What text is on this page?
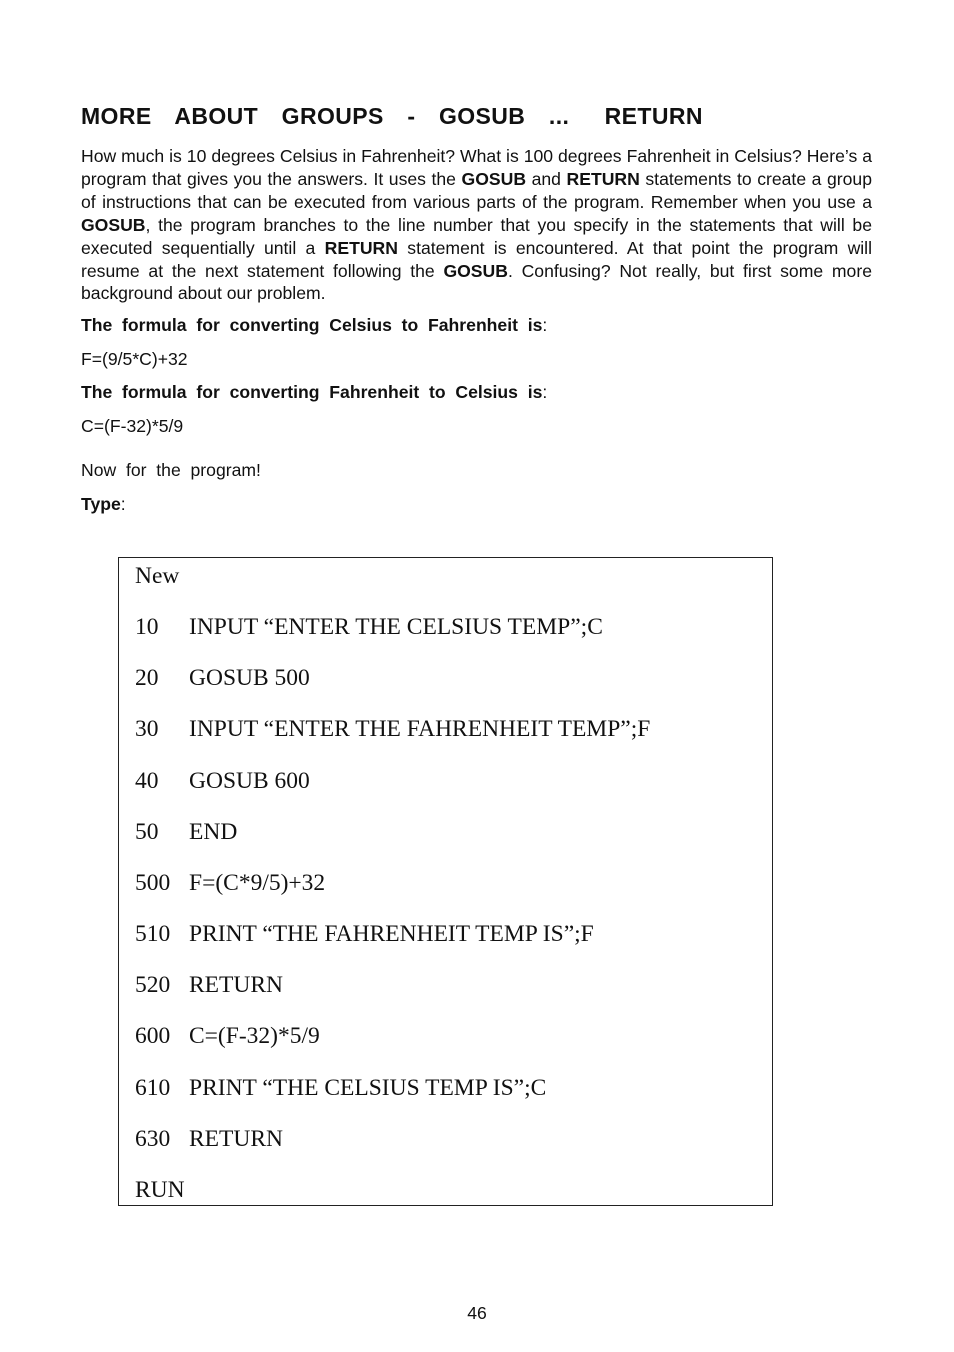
MORE  ABOUT  GROUPS  -  GOSUB  ...   RETURN

How much is 10 degrees Celsius in Fahrenheit? What is 100 degrees Fahrenheit in Celsius? Here’s a program that gives you the answers. It uses the GOSUB and RETURN statements to create a group of instructions that can be executed from various parts of the program. Remember when you use a GOSUB, the program branches to the line number that you specify in the statements that will be executed sequentially until a RETURN statement is encountered. At that point the program will resume at the next statement following the GOSUB. Confusing? Not really, but first some more background about our problem.

The  formula  for  converting  Celsius  to  Fahrenheit  is:

F=(9/5*C)+32

The  formula  for  converting  Fahrenheit  to  Celsius  is:

C=(F-32)*5/9

Now  for  the  program!

Type:

New
10 INPUT “ENTER THE CELSIUS TEMP”;C
20 GOSUB 500
30 INPUT “ENTER THE FAHRENHEIT TEMP”;F
40 GOSUB 600
50 END
500 F=(C*9/5)+32
510 PRINT “THE FAHRENHEIT TEMP IS”;F
520 RETURN
600 C=(F-32)*5/9
610 PRINT “THE CELSIUS TEMP IS”;C
630 RETURN
RUN
46
